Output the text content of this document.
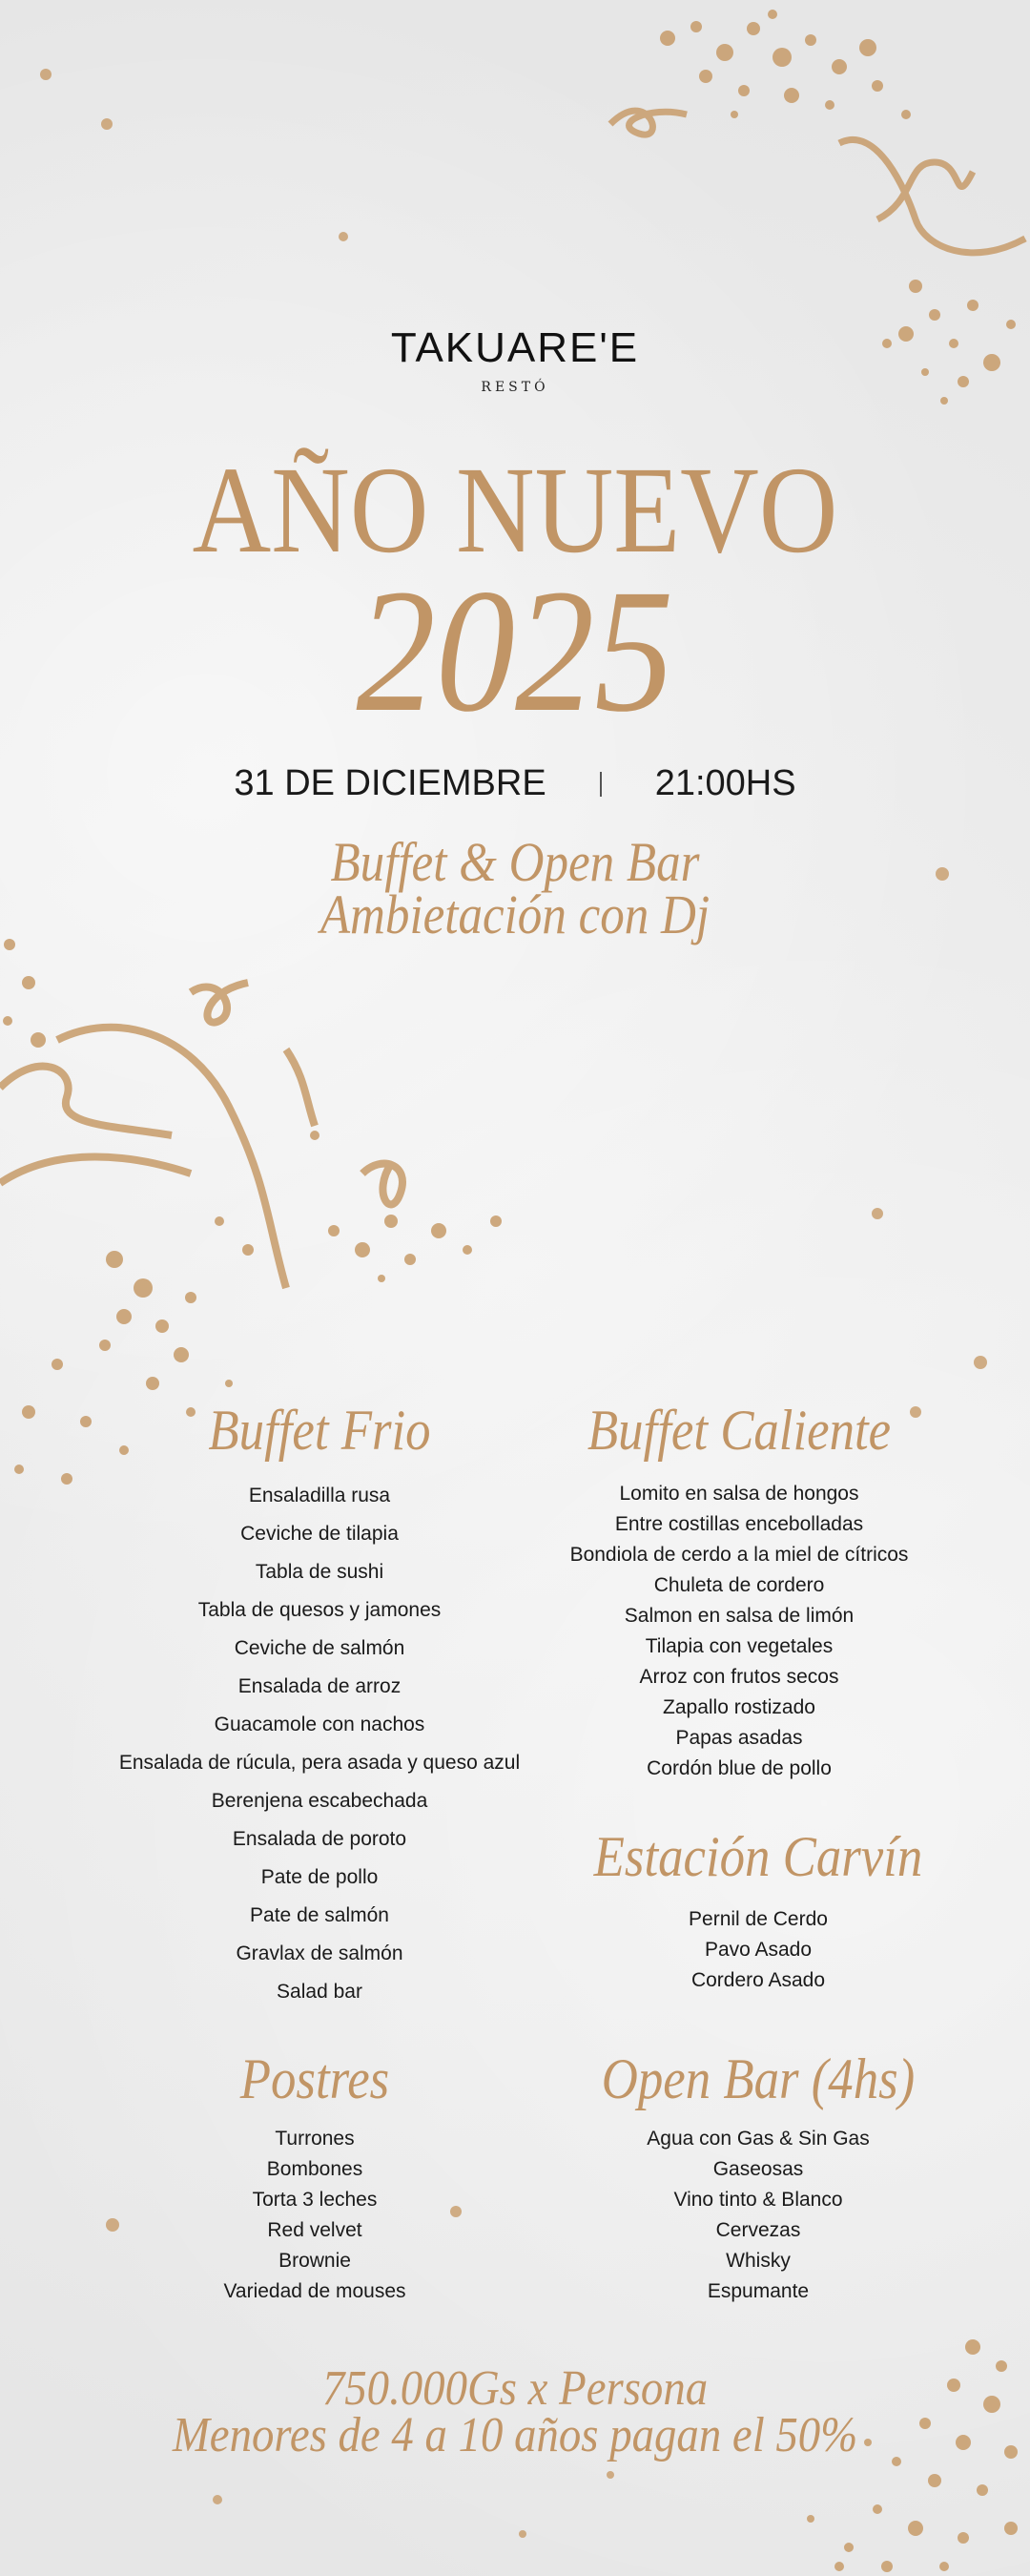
TAKUARE'E
RESTÓ
AÑO NUEVO
2025
31 DE DICIEMBRE	21:00HS
Buffet & Open Bar
Ambietación con Dj
Buffet Frio
Ensaladilla rusa
Ceviche de tilapia
Tabla de sushi
Tabla de quesos y jamones
Ceviche de salmón
Ensalada de arroz
Guacamole con nachos
Ensalada de rúcula, pera asada y queso azul
Berenjena escabechada
Ensalada de poroto
Pate de pollo
Pate de salmón
Gravlax de salmón
Salad bar
Buffet Caliente
Lomito en salsa de hongos
Entre costillas encebolladas
Bondiola de cerdo a la miel de cítricos
Chuleta de cordero
Salmon en salsa de limón
Tilapia con vegetales
Arroz con frutos secos
Zapallo rostizado
Papas asadas
Cordón blue de pollo
Estación Carvín
Pernil de Cerdo
Pavo Asado
Cordero Asado
Postres
Turrones
Bombones
Torta 3 leches
Red velvet
Brownie
Variedad de mouses
Open Bar (4hs)
Agua con Gas & Sin Gas
Gaseosas
Vino tinto & Blanco
Cervezas
Whisky
Espumante
750.000Gs x Persona
Menores de 4 a 10 años pagan el 50%
